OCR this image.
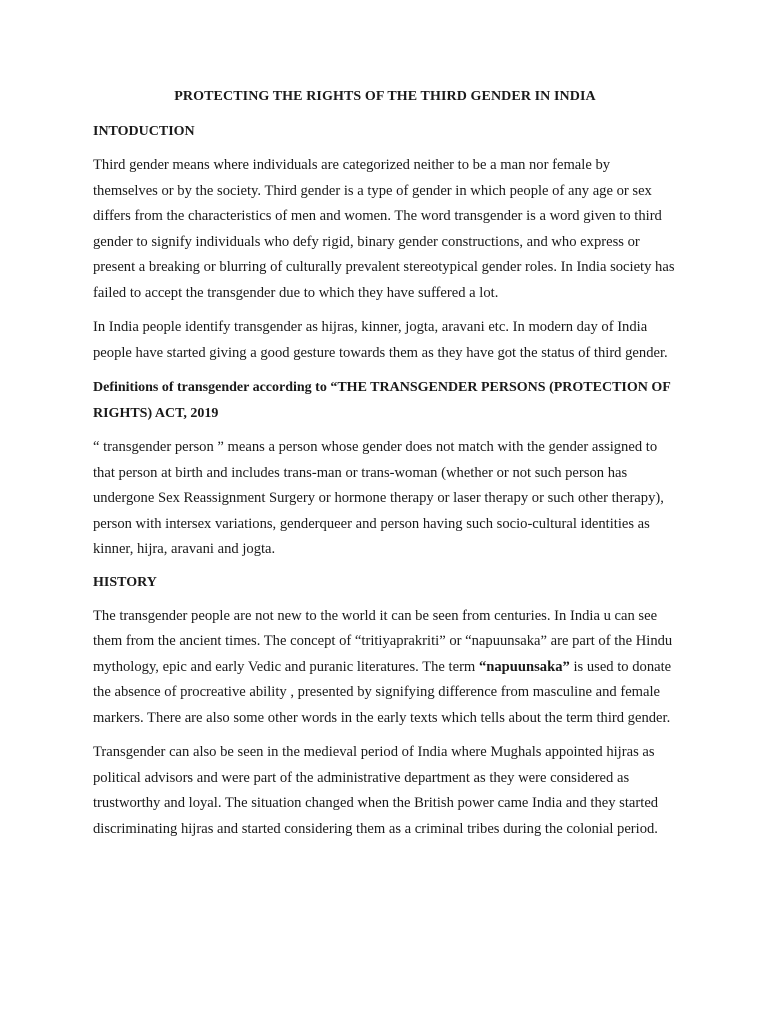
PROTECTING THE RIGHTS OF THE THIRD GENDER IN INDIA
INTODUCTION

Third gender means where individuals are categorized neither to be a man nor female by themselves or by the society. Third gender is a type of gender in which people of any age or sex differs from the characteristics of men and women. The word transgender is a word given to third gender to signify individuals who defy rigid, binary gender constructions, and who express or present a breaking or blurring of culturally prevalent stereotypical gender roles. In India society has failed to accept the transgender due to which they have suffered a lot.

In India people identify transgender as hijras, kinner, jogta, aravani etc. In modern day of India people have started giving a good gesture towards them as they have got the status of third gender.

Definitions of transgender according to “THE TRANSGENDER PERSONS (PROTECTION OF RIGHTS) ACT, 2019

“ transgender person ” means a person whose gender does not match with the gender assigned to that person at birth and includes trans-man or trans-woman (whether or not such person has undergone Sex Reassignment Surgery or hormone therapy or laser therapy or such other therapy), person with intersex variations, genderqueer and person having such socio-cultural identities as kinner, hijra, aravani and jogta.

HISTORY

The transgender people are not new to the world it can be seen from centuries. In India u can see them from the ancient times. The concept of “tritiyaprakriti” or “napuunsaka” are part of the Hindu mythology, epic and early Vedic and puranic literatures. The term “napuunsaka” is used to donate the absence of procreative ability , presented by signifying difference from masculine and female markers. There are also some other words in the early texts which tells about the term third gender.

Transgender can also be seen in the medieval period of India where Mughals appointed hijras as political advisors and were part of the administrative department as they were considered as trustworthy and loyal. The situation changed when the British power came India and they started discriminating hijras and started considering them as a criminal tribes during the colonial period.
